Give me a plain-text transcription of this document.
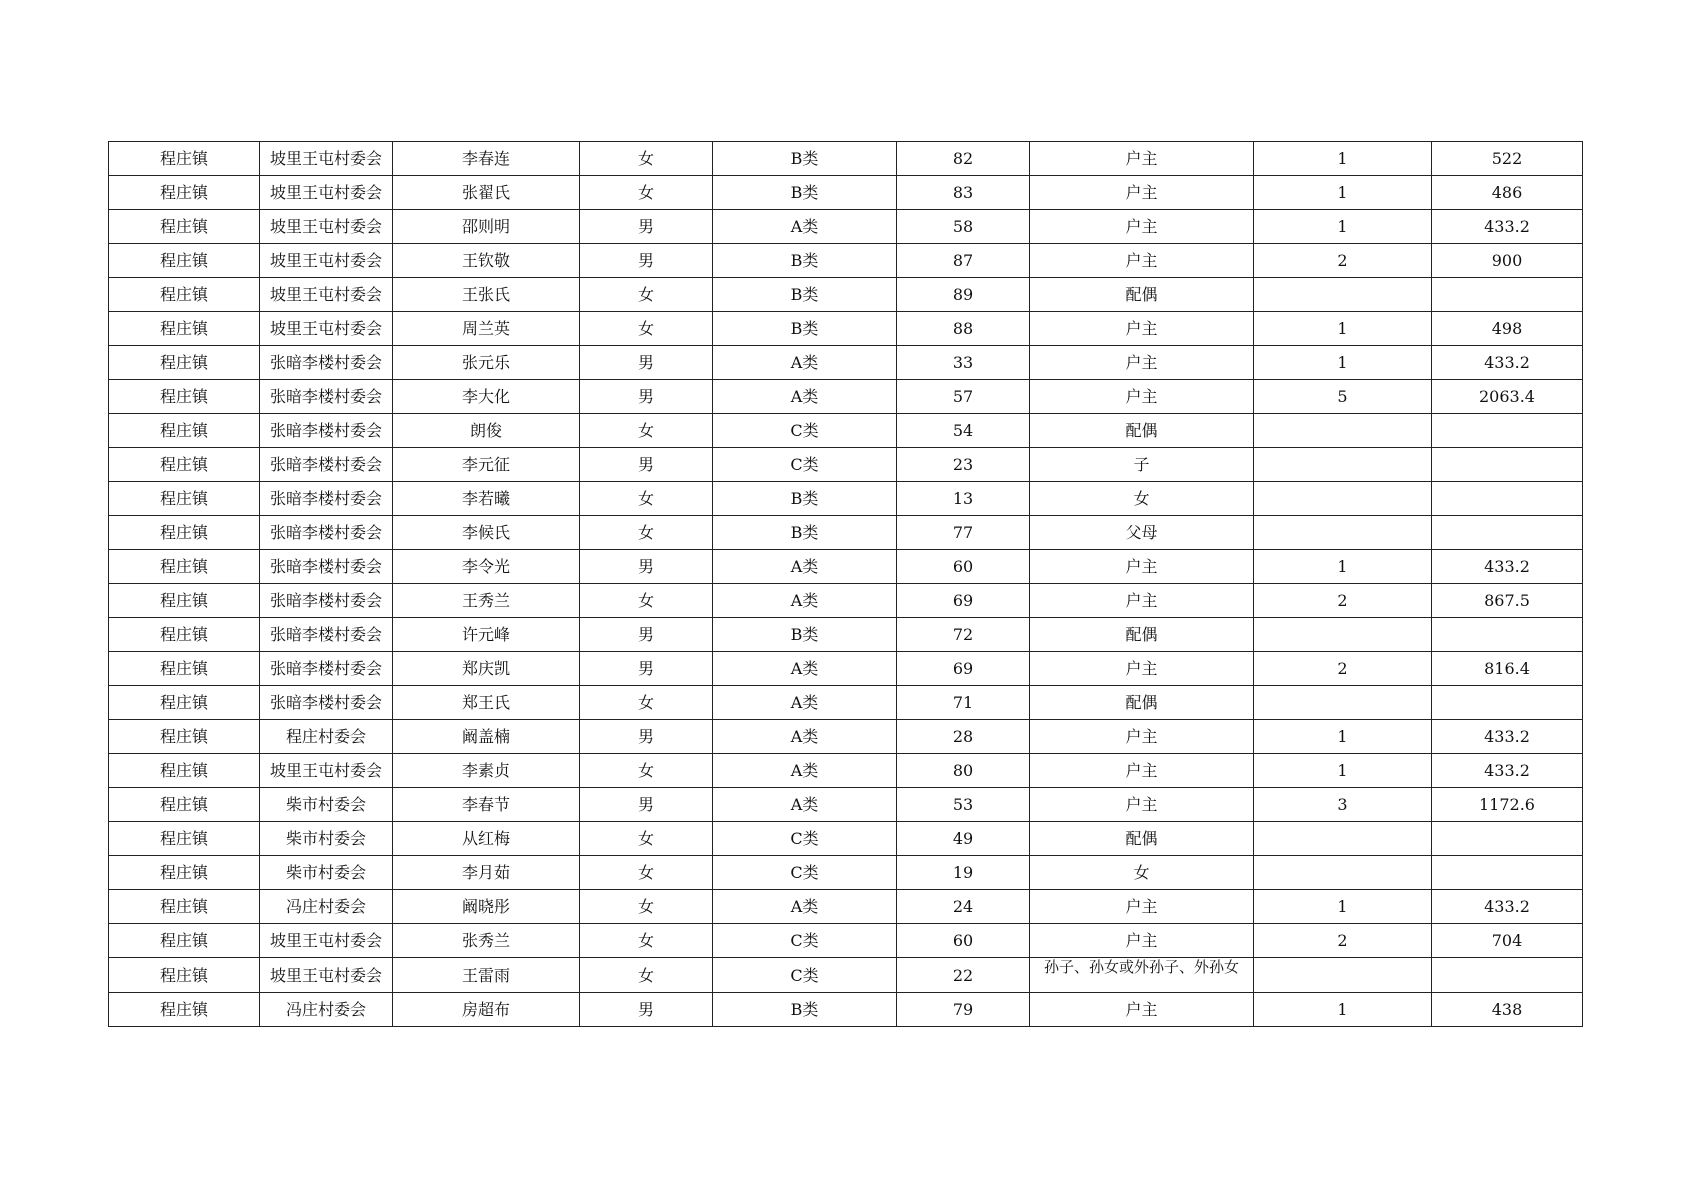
程庄镇	坡里王屯村委会	李春连	女	B类	82	户主	1	522
程庄镇	坡里王屯村委会	张翟氏	女	B类	83	户主	1	486
程庄镇	坡里王屯村委会	邵则明	男	A类	58	户主	1	433.2
程庄镇	坡里王屯村委会	王钦敬	男	B类	87	户主	2	900
程庄镇	坡里王屯村委会	王张氏	女	B类	89	配偶		
程庄镇	坡里王屯村委会	周兰英	女	B类	88	户主	1	498
程庄镇	张暗李楼村委会	张元乐	男	A类	33	户主	1	433.2
程庄镇	张暗李楼村委会	李大化	男	A类	57	户主	5	2063.4
程庄镇	张暗李楼村委会	朗俊	女	C类	54	配偶		
程庄镇	张暗李楼村委会	李元征	男	C类	23	子		
程庄镇	张暗李楼村委会	李若曦	女	B类	13	女		
程庄镇	张暗李楼村委会	李候氏	女	B类	77	父母		
程庄镇	张暗李楼村委会	李令光	男	A类	60	户主	1	433.2
程庄镇	张暗李楼村委会	王秀兰	女	A类	69	户主	2	867.5
程庄镇	张暗李楼村委会	许元峰	男	B类	72	配偶		
程庄镇	张暗李楼村委会	郑庆凯	男	A类	69	户主	2	816.4
程庄镇	张暗李楼村委会	郑王氏	女	A类	71	配偶		
程庄镇	程庄村委会	阚盖楠	男	A类	28	户主	1	433.2
程庄镇	坡里王屯村委会	李素贞	女	A类	80	户主	1	433.2
程庄镇	柴市村委会	李春节	男	A类	53	户主	3	1172.6
程庄镇	柴市村委会	从红梅	女	C类	49	配偶		
程庄镇	柴市村委会	李月茹	女	C类	19	女		
程庄镇	冯庄村委会	阚晓彤	女	A类	24	户主	1	433.2
程庄镇	坡里王屯村委会	张秀兰	女	C类	60	户主	2	704
程庄镇	坡里王屯村委会	王雷雨	女	C类	22	孙子、孙女或外孙子、外孙女		
程庄镇	冯庄村委会	房超布	男	B类	79	户主	1	438
